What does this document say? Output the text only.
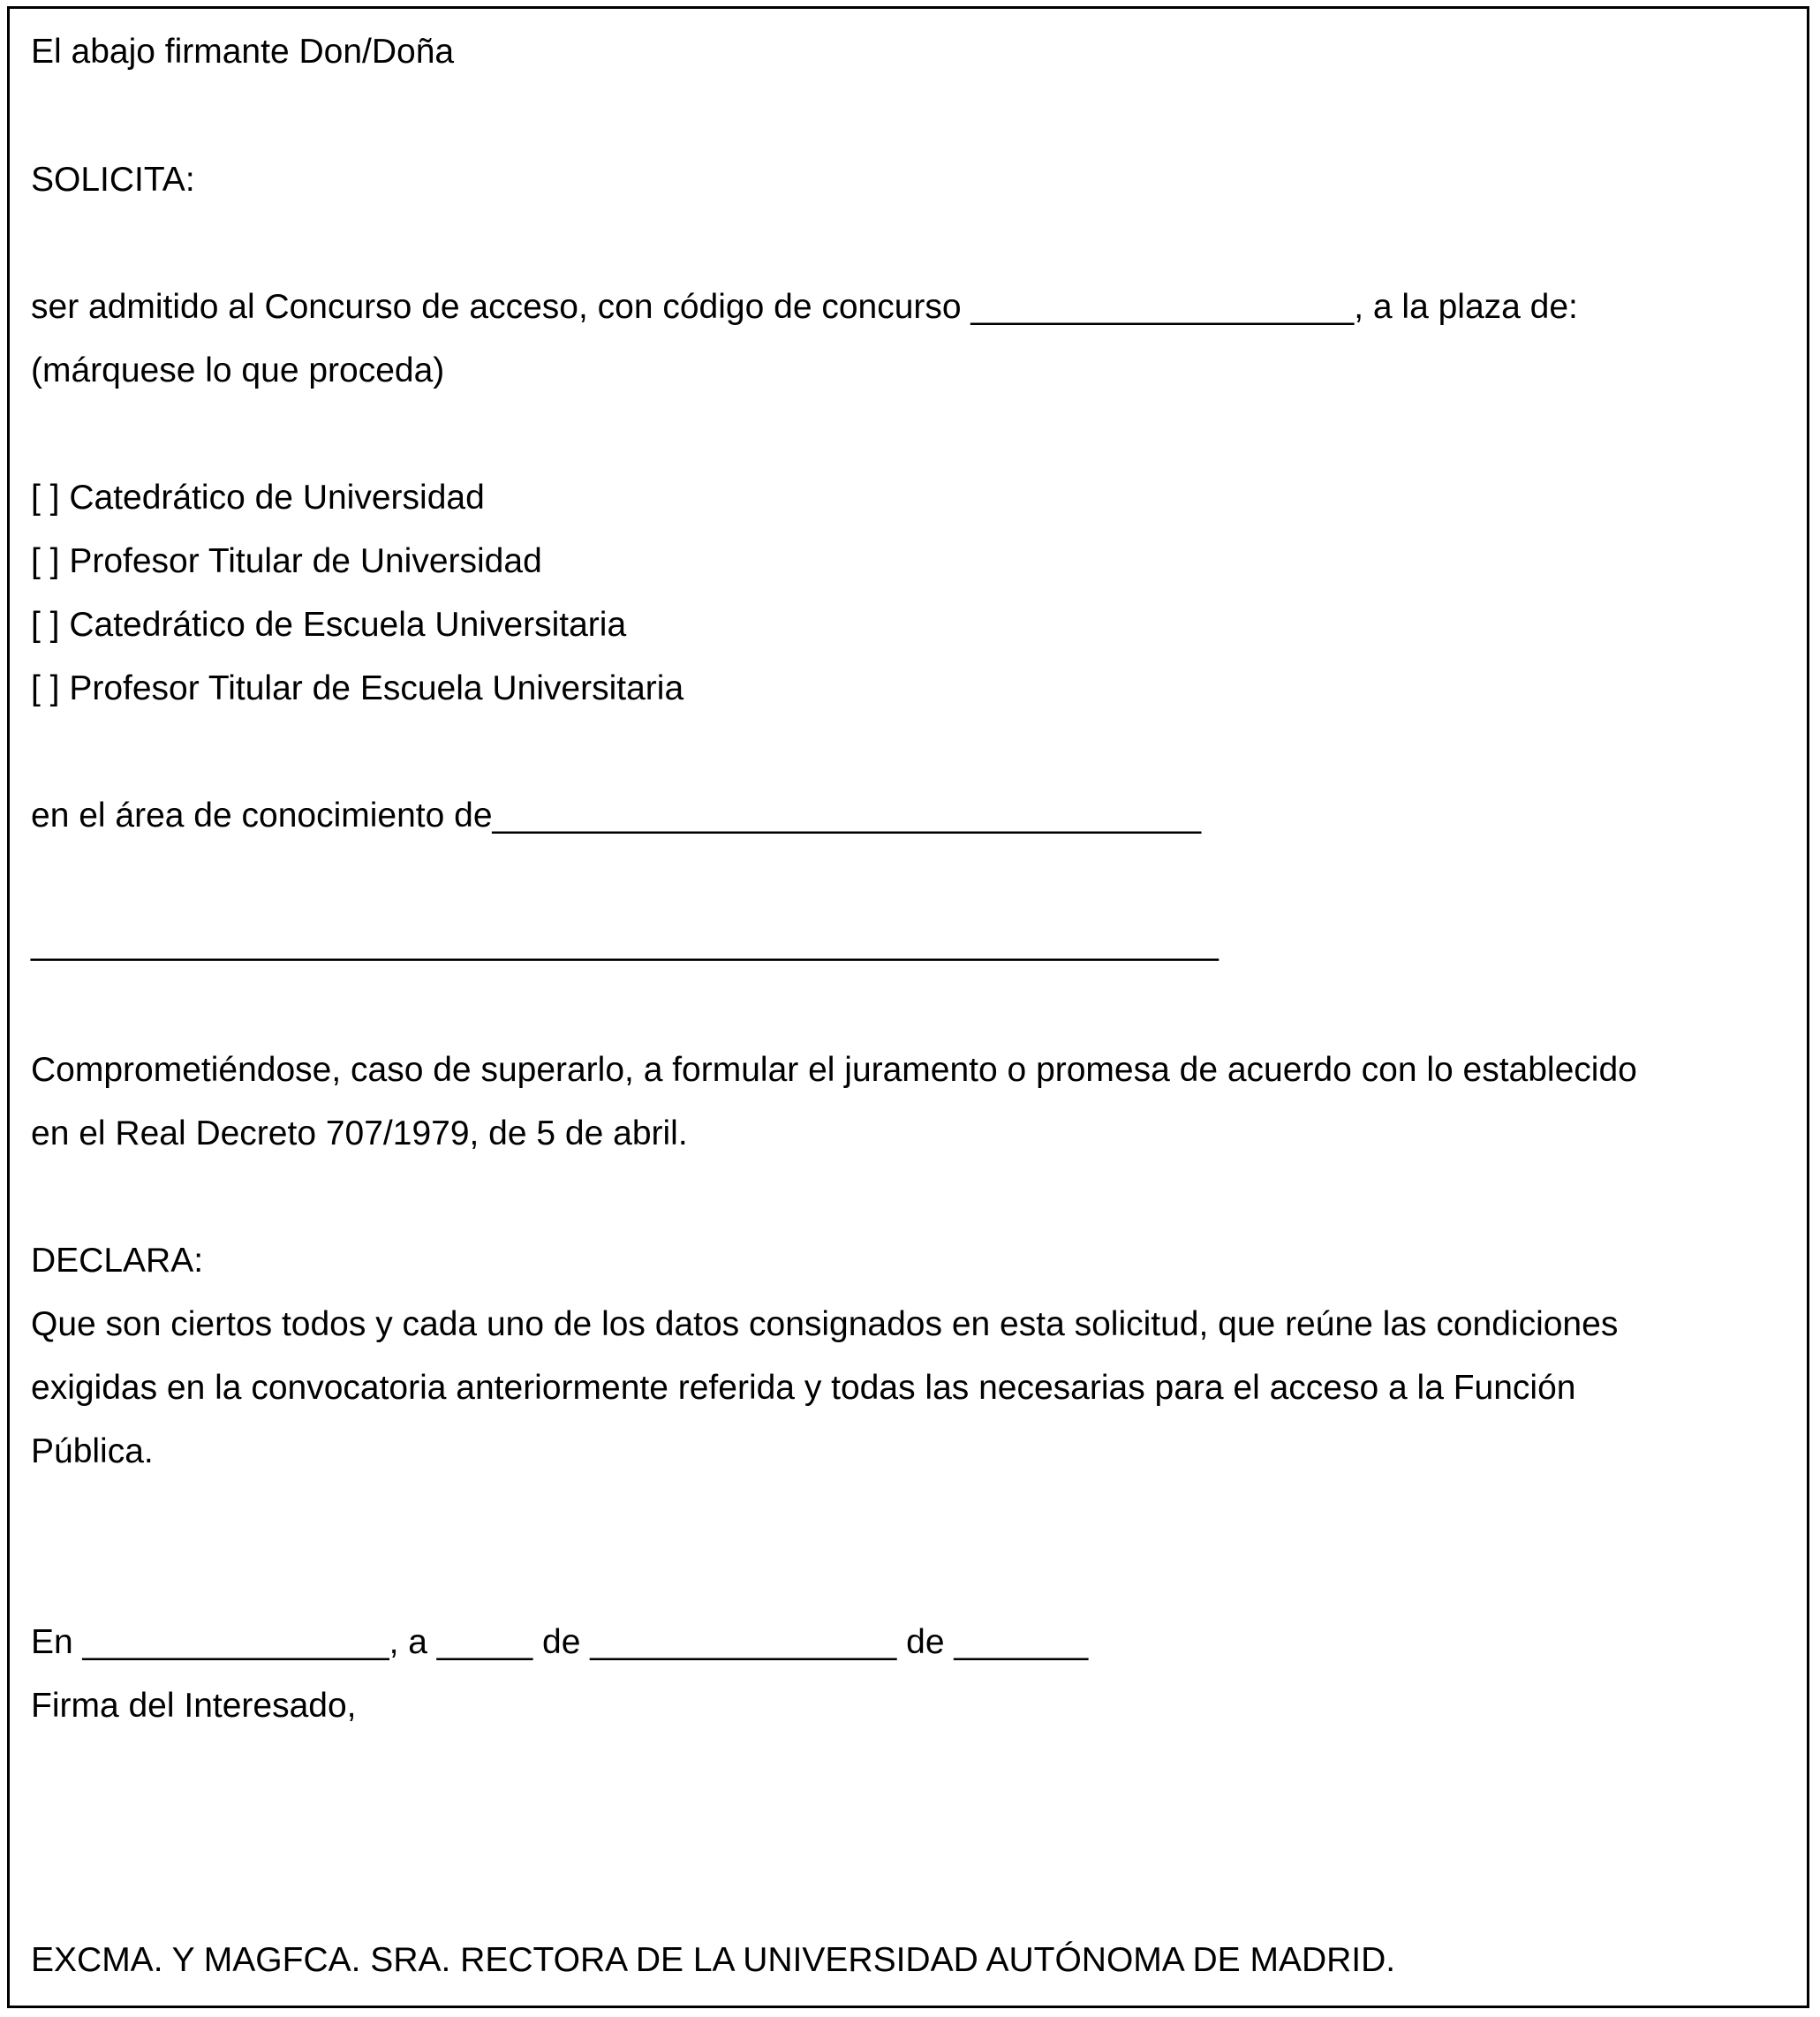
El abajo firmante Don/Doña
SOLICITA:
ser admitido al Concurso de acceso, con código de concurso ____________________, a la plaza de:
(márquese lo que proceda)
[ ] Catedrático de Universidad
[ ] Profesor Titular de Universidad
[ ] Catedrático de Escuela Universitaria
[ ] Profesor Titular de Escuela Universitaria
en el área de conocimiento de_____________________________________
______________________________________________________________
Comprometiéndose, caso de superarlo, a formular el juramento o promesa de acuerdo con lo establecido
en el Real Decreto 707/1979, de 5 de abril.
DECLARA:
Que son ciertos todos y cada uno de los datos consignados en esta solicitud, que reúne las condiciones
exigidas en la convocatoria anteriormente referida y todas las necesarias para el acceso a la Función
Pública.
En ________________, a _____ de ________________ de _______
Firma del Interesado,
EXCMA. Y MAGFCA. SRA. RECTORA DE LA UNIVERSIDAD AUTÓNOMA DE MADRID.
